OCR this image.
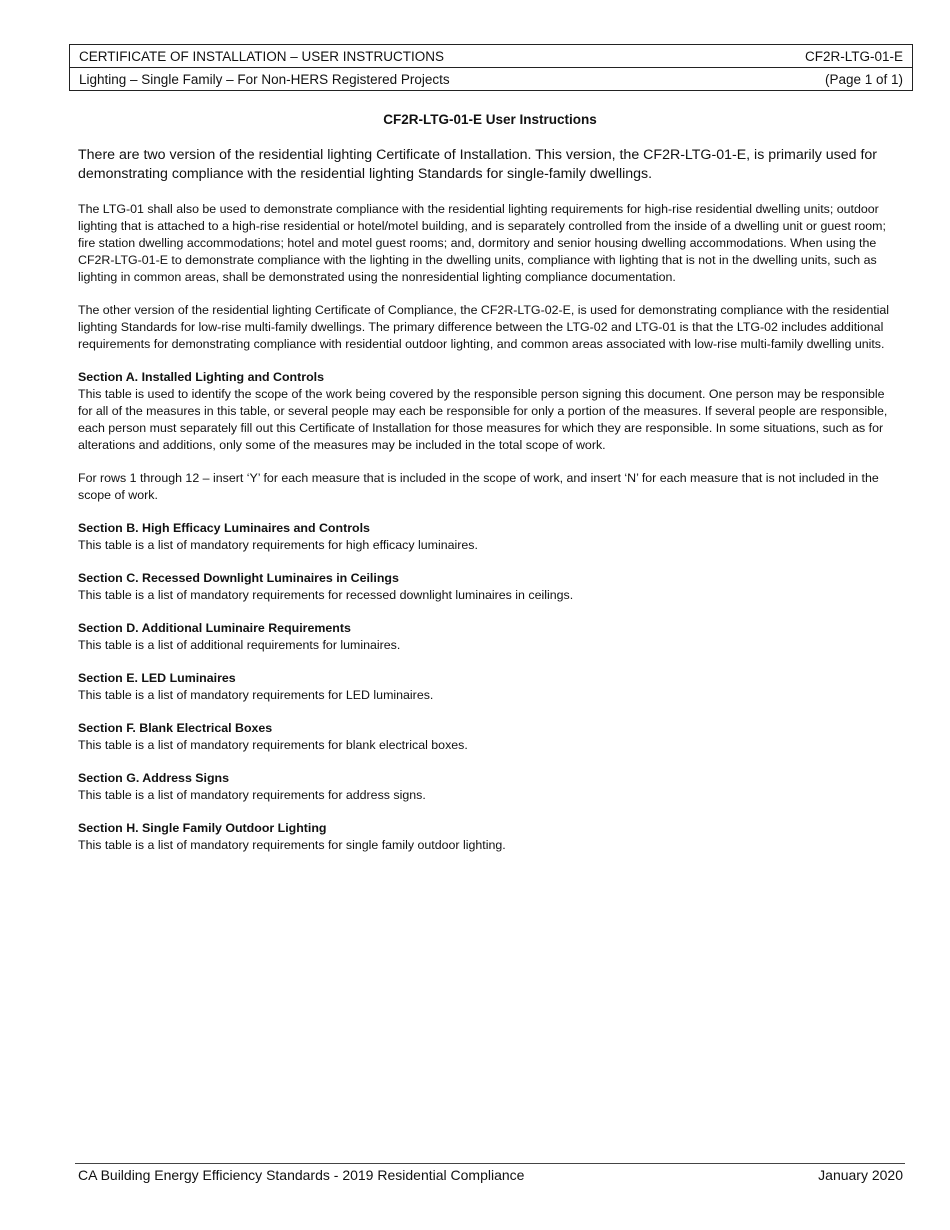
CERTIFICATE OF INSTALLATION – USER INSTRUCTIONS	CF2R-LTG-01-E
Lighting – Single Family – For Non-HERS Registered Projects	(Page 1 of 1)
CF2R-LTG-01-E User Instructions

There are two version of the residential lighting Certificate of Installation. This version, the CF2R-LTG-01-E, is primarily used for demonstrating compliance with the residential lighting Standards for single-family dwellings.

The LTG-01 shall also be used to demonstrate compliance with the residential lighting requirements for high-rise residential dwelling units; outdoor lighting that is attached to a high-rise residential or hotel/motel building, and is separately controlled from the inside of a dwelling unit or guest room; fire station dwelling accommodations; hotel and motel guest rooms; and, dormitory and senior housing dwelling accommodations. When using the CF2R-LTG-01-E to demonstrate compliance with the lighting in the dwelling units, compliance with lighting that is not in the dwelling units, such as lighting in common areas, shall be demonstrated using the nonresidential lighting compliance documentation.

The other version of the residential lighting Certificate of Compliance, the CF2R-LTG-02-E, is used for demonstrating compliance with the residential lighting Standards for low-rise multi-family dwellings. The primary difference between the LTG-02 and LTG-01 is that the LTG-02 includes additional requirements for demonstrating compliance with residential outdoor lighting, and common areas associated with low-rise multi-family dwelling units.

Section A. Installed Lighting and Controls
This table is used to identify the scope of the work being covered by the responsible person signing this document. One person may be responsible for all of the measures in this table, or several people may each be responsible for only a portion of the measures. If several people are responsible, each person must separately fill out this Certificate of Installation for those measures for which they are responsible. In some situations, such as for alterations and additions, only some of the measures may be included in the total scope of work.
For rows 1 through 12 – insert ‘Y’ for each measure that is included in the scope of work, and insert ‘N’ for each measure that is not included in the scope of work.
Section B. High Efficacy Luminaires and Controls
This table is a list of mandatory requirements for high efficacy luminaires.
Section C. Recessed Downlight Luminaires in Ceilings
This table is a list of mandatory requirements for recessed downlight luminaires in ceilings.
Section D. Additional Luminaire Requirements
This table is a list of additional requirements for luminaires.
Section E. LED Luminaires
This table is a list of mandatory requirements for LED luminaires.
Section F. Blank Electrical Boxes
This table is a list of mandatory requirements for blank electrical boxes.
Section G. Address Signs
This table is a list of mandatory requirements for address signs.
Section H. Single Family Outdoor Lighting
This table is a list of mandatory requirements for single family outdoor lighting.
CA Building Energy Efficiency Standards - 2019 Residential Compliance	January 2020
